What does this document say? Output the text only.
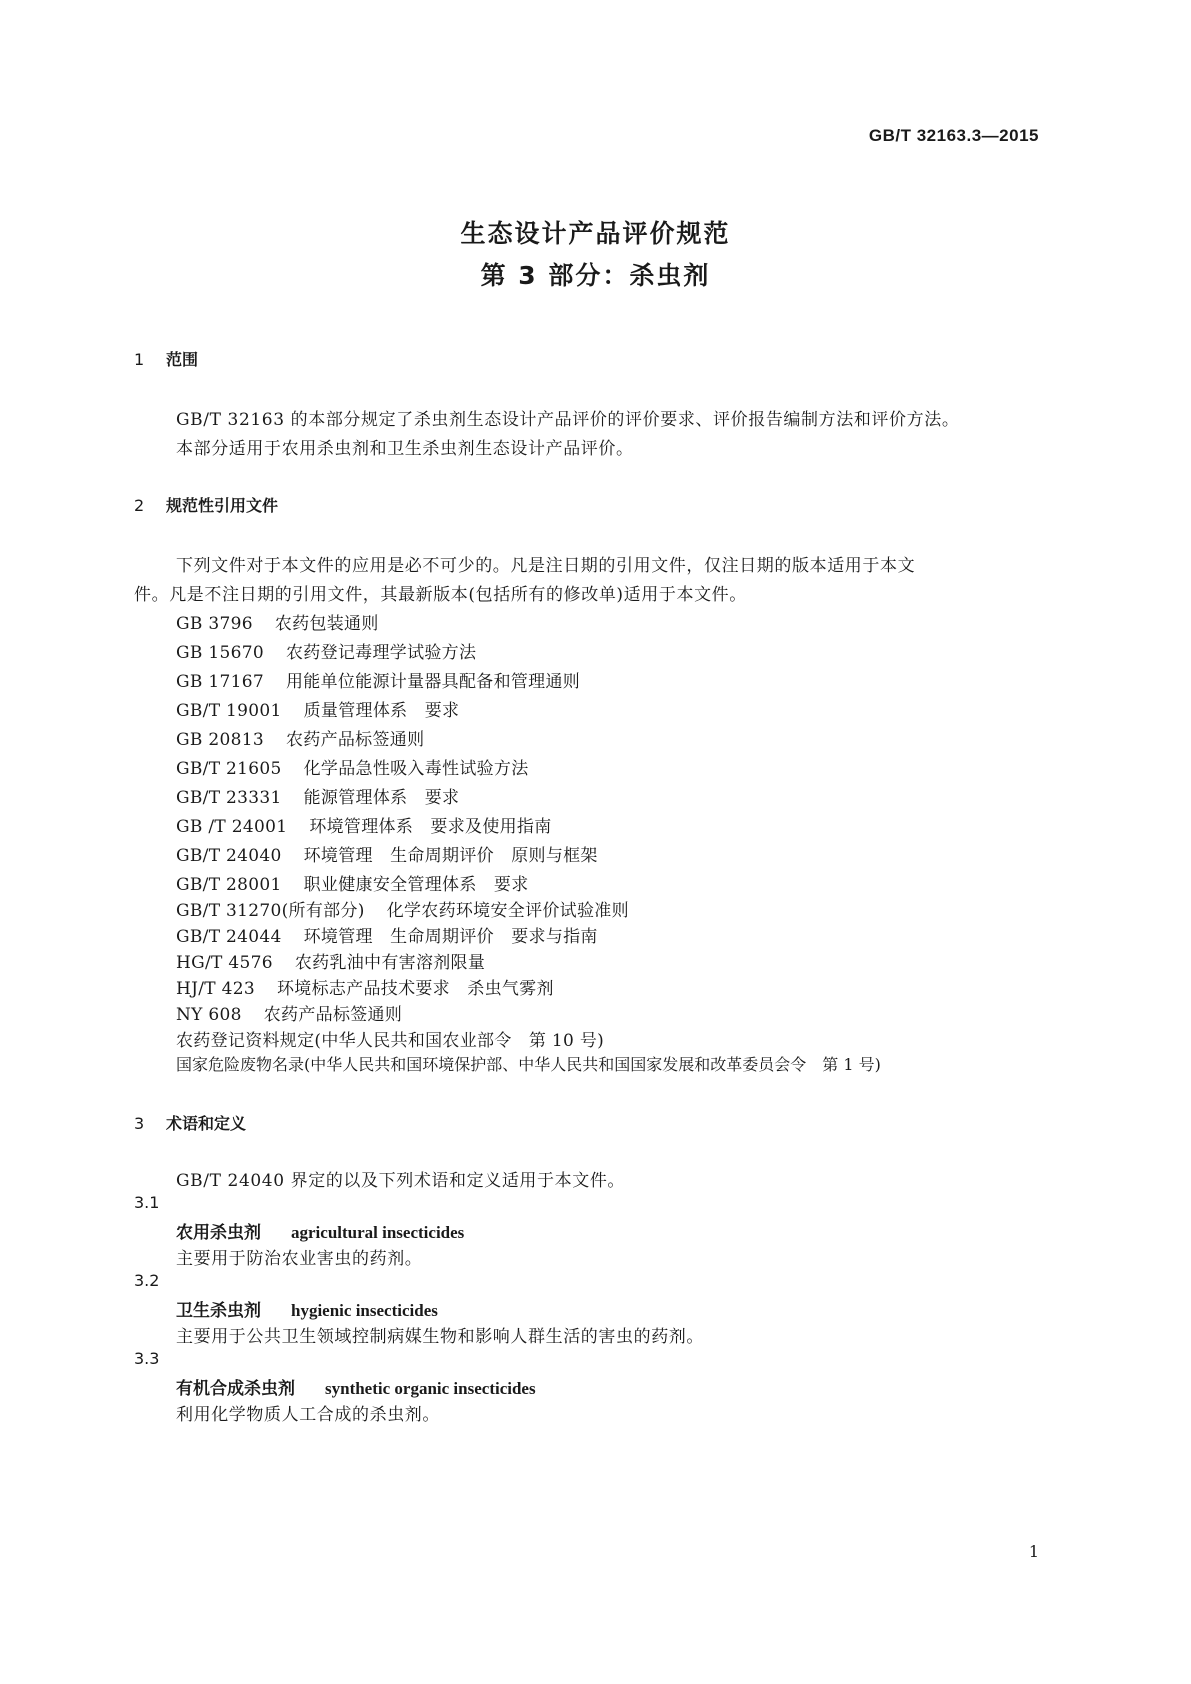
GB/T 32163.3—2015
生态设计产品评价规范
第 3 部分：杀虫剂
1 范围
GB/T 32163 的本部分规定了杀虫剂生态设计产品评价的评价要求、评价报告编制方法和评价方法。
本部分适用于农用杀虫剂和卫生杀虫剂生态设计产品评价。
2 规范性引用文件
下列文件对于本文件的应用是必不可少的。凡是注日期的引用文件，仅注日期的版本适用于本文
件。凡是不注日期的引用文件，其最新版本(包括所有的修改单)适用于本文件。
GB 3796 农药包装通则
GB 15670 农药登记毒理学试验方法
GB 17167 用能单位能源计量器具配备和管理通则
GB/T 19001 质量管理体系　要求
GB 20813 农药产品标签通则
GB/T 21605 化学品急性吸入毒性试验方法
GB/T 23331 能源管理体系　要求
GB /T 24001 环境管理体系　要求及使用指南
GB/T 24040 环境管理　生命周期评价　原则与框架
GB/T 28001 职业健康安全管理体系　要求
GB/T 31270(所有部分) 化学农药环境安全评价试验准则
GB/T 24044 环境管理　生命周期评价　要求与指南
HG/T 4576 农药乳油中有害溶剂限量
HJ/T 423 环境标志产品技术要求　杀虫气雾剂
NY 608 农药产品标签通则
农药登记资料规定(中华人民共和国农业部令　第 10 号)
国家危险废物名录(中华人民共和国环境保护部、中华人民共和国国家发展和改革委员会令　第 1 号)
3 术语和定义
GB/T 24040 界定的以及下列术语和定义适用于本文件。
3.1
农用杀虫剂 agricultural insecticides
主要用于防治农业害虫的药剂。
3.2
卫生杀虫剂 hygienic insecticides
主要用于公共卫生领域控制病媒生物和影响人群生活的害虫的药剂。
3.3
有机合成杀虫剂 synthetic organic insecticides
利用化学物质人工合成的杀虫剂。
1
